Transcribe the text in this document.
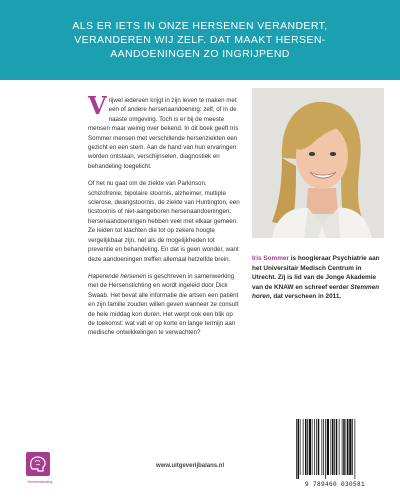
ALS ER IETS IN ONZE HERSENEN VERANDERT,
VERANDEREN WIJ ZELF. DAT MAAKT HERSEN-
AANDOENINGEN ZO INGRIJPEND

Vrijwel iedereen krijgt in zijn leven te maken met een of andere hersenaandoening: zelf, of in de naaste omgeving. Toch is er bij de meeste mensen maar weinig over bekend. In dit boek geeft Iris Sommer mensen met verschillende hersenziekten een gezicht en een stem. Aan de hand van hun ervaringen worden ontstaan, verschijnselen, diagnostiek en behandeling toegelicht.

Of het nu gaat om de ziekte van Parkinson, schizofrenie, bipolaire stoornis, alzheimer, multiple sclerose, dwangstoornis, de ziekte van Huntington, een ticstoornis of niet-aangeboren hersenaandoeningen: hersenaandoeningen hebben veel met elkaar gemeen. Ze leiden tot klachten die tot op zekere hoogte vergelijkbaar zijn, net als de mogelijkheden tot preventie en behandeling. En dat is geen wonder, want deze aandoeningen treffen allemaal hetzelfde brein.

Haperende hersenen is geschreven in samenwerking met de Hersenstichting en wordt ingeleid door Dick Swaab. Het bevat alle informatie die artsen een patiënt en zijn familie zouden willen geven wanneer ze consult de hele middag kon duren. Het werpt ook een blik op de toekomst: wat valt er op korte en lange termijn aan medische ontwikkelingen te verwachten?

Iris Sommer is hoogleraar Psychiatrie aan het Universitair Medisch Centrum in Utrecht. Zij is lid van de Jonge Akademie van de KNAW en schreef eerder Stemmen horen, dat verscheen in 2011.
Hersenstichting
www.uitgeverijbalans.nl
9 789460 030581
